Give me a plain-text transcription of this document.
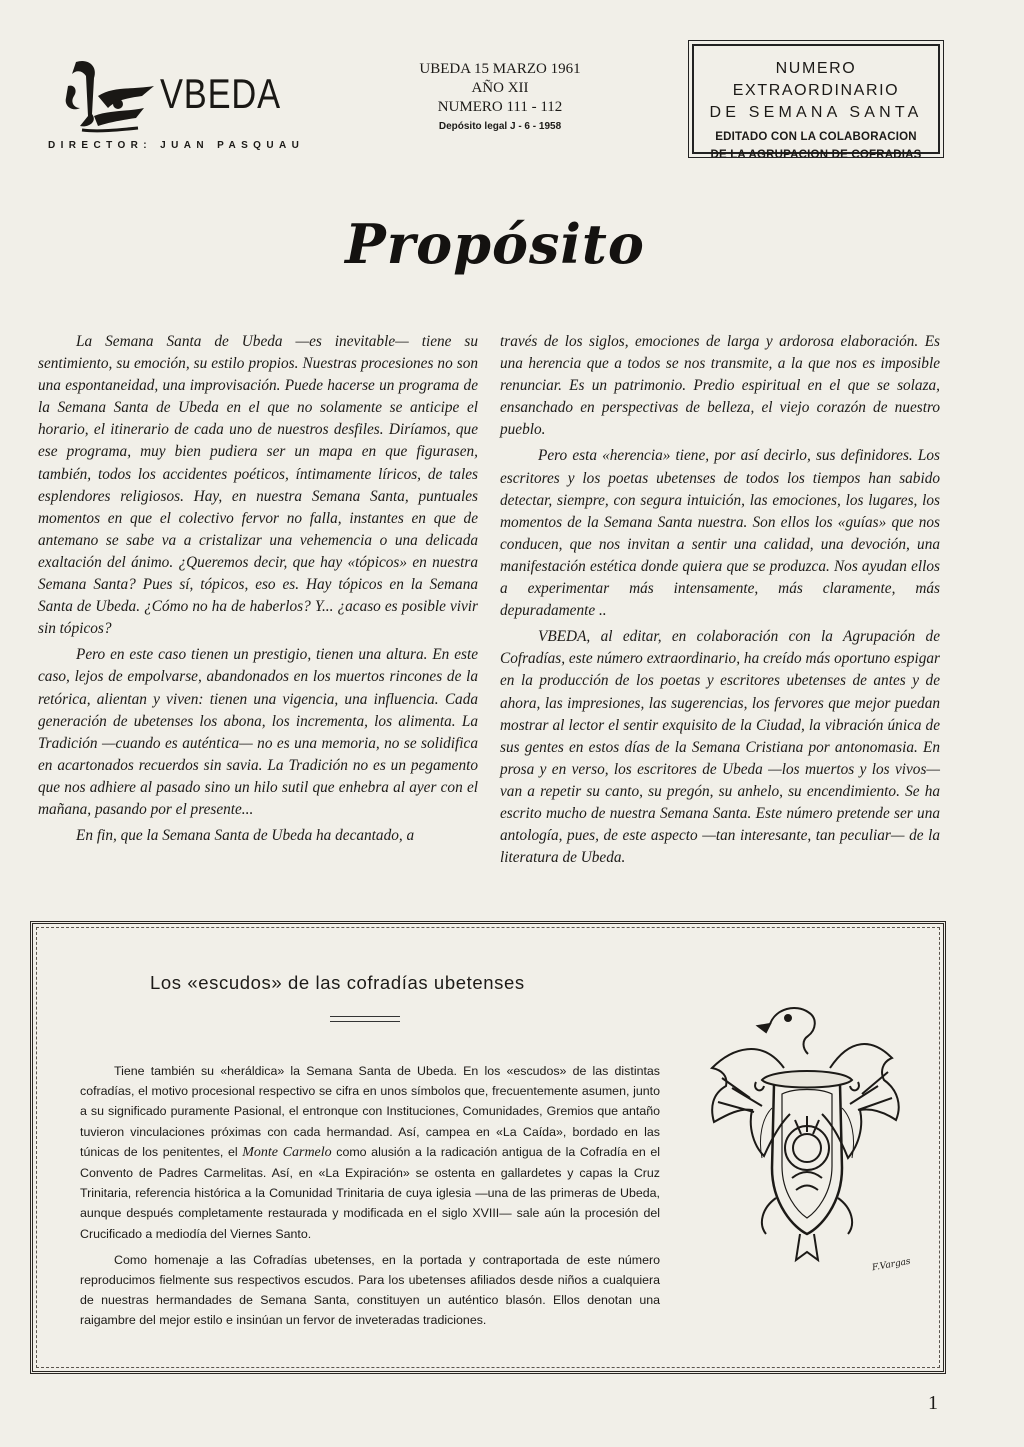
VBEDA
DIRECTOR: JUAN PASQUAU
UBEDA 15 MARZO 1961
AÑO XII
NUMERO 111 - 112
Depósito legal J - 6 - 1958
NUMERO EXTRAORDINARIO
DE SEMANA SANTA
EDITADO CON LA COLABORACION
DE LA AGRUPACION DE COFRADIAS
Propósito

La Semana Santa de Ubeda —es inevitable— tiene su sentimiento, su emoción, su estilo propios. Nuestras procesiones no son una espontaneidad, una improvisación. Puede hacerse un programa de la Semana Santa de Ubeda en el que no solamente se anticipe el horario, el itinerario de cada uno de nuestros desfiles. Diríamos, que ese programa, muy bien pudiera ser un mapa en que figurasen, también, todos los accidentes poéticos, íntimamente líricos, de tales esplendores religiosos. Hay, en nuestra Semana Santa, puntuales momentos en que el colectivo fervor no falla, instantes en que de antemano se sabe va a cristalizar una vehemencia o una delicada exaltación del ánimo. ¿Queremos decir, que hay «tópicos» en nuestra Semana Santa? Pues sí, tópicos, eso es. Hay tópicos en la Semana Santa de Ubeda. ¿Cómo no ha de haberlos? Y... ¿acaso es posible vivir sin tópicos?

Pero en este caso tienen un prestigio, tienen una altura. En este caso, lejos de empolvarse, abandonados en los muertos rincones de la retórica, alientan y viven: tienen una vigencia, una influencia. Cada generación de ubetenses los abona, los incrementa, los alimenta. La Tradición —cuando es auténtica— no es una memoria, no se solidifica en acartonados recuerdos sin savia. La Tradición no es un pegamento que nos adhiere al pasado sino un hilo sutil que enhebra al ayer con el mañana, pasando por el presente...

En fin, que la Semana Santa de Ubeda ha decantado, a

través de los siglos, emociones de larga y ardorosa elaboración. Es una herencia que a todos se nos transmite, a la que nos es imposible renunciar. Es un patrimonio. Predio espiritual en el que se solaza, ensanchado en perspectivas de belleza, el viejo corazón de nuestro pueblo.

Pero esta «herencia» tiene, por así decirlo, sus definidores. Los escritores y los poetas ubetenses de todos los tiempos han sabido detectar, siempre, con segura intuición, las emociones, los lugares, los momentos de la Semana Santa nuestra. Son ellos los «guías» que nos conducen, que nos invitan a sentir una calidad, una devoción, una manifestación estética donde quiera que se produzca. Nos ayudan ellos a experimentar más intensamente, más claramente, más depuradamente ..

VBEDA, al editar, en colaboración con la Agrupación de Cofradías, este número extraordinario, ha creído más oportuno espigar en la producción de los poetas y escritores ubetenses de antes y de ahora, las impresiones, las sugerencias, los fervores que mejor puedan mostrar al lector el sentir exquisito de la Ciudad, la vibración única de sus gentes en estos días de la Semana Cristiana por antonomasia. En prosa y en verso, los escritores de Ubeda —los muertos y los vivos— van a repetir su canto, su pregón, su anhelo, su encendimiento. Se ha escrito mucho de nuestra Semana Santa. Este número pretende ser una antología, pues, de este aspecto —tan interesante, tan peculiar— de la literatura de Ubeda.

Los «escudos» de las cofradías ubetenses

Tiene también su «heráldica» la Semana Santa de Ubeda. En los «escudos» de las distintas cofradías, el motivo procesional respectivo se cifra en unos símbolos que, frecuentemente asumen, junto a su significado puramente Pasional, el entronque con Instituciones, Comunidades, Gremios que antaño tuvieron vinculaciones próximas con cada hermandad. Así, campea en «La Caída», bordado en las túnicas de los penitentes, el Monte Carmelo como alusión a la radicación antigua de la Cofradía en el Convento de Padres Carmelitas. Así, en «La Expiración» se ostenta en gallardetes y capas la Cruz Trinitaria, referencia histórica a la Comunidad Trinitaria de cuya iglesia —una de las primeras de Ubeda, aunque después completamente restaurada y modificada en el siglo XVIII— sale aún la procesión del Crucificado a mediodía del Viernes Santo.

Como homenaje a las Cofradías ubetenses, en la portada y contraportada de este número reproducimos fielmente sus respectivos escudos. Para los ubetenses afiliados desde niños a cualquiera de nuestras hermandades de Semana Santa, constituyen un auténtico blasón. Ellos denotan una raigambre del mejor estilo e insinúan un fervor de inveteradas tradiciones.

F.Vargas
1
